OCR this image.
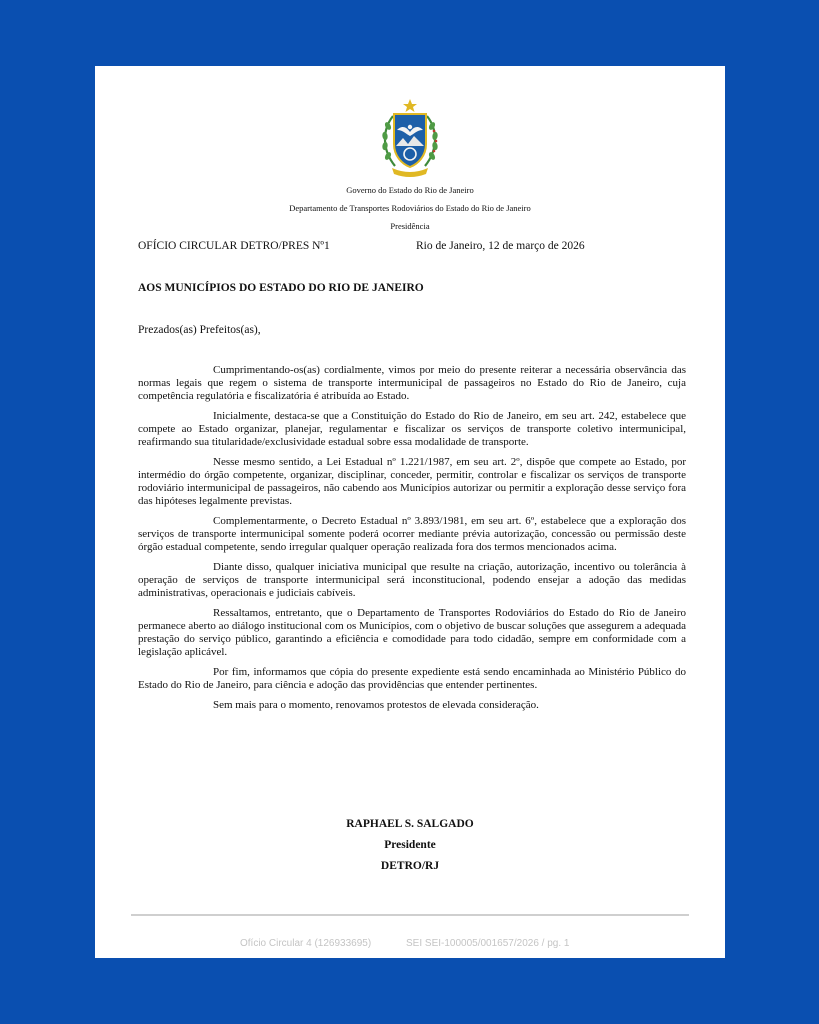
Governo do Estado do Rio de Janeiro
Departamento de Transportes Rodoviários do Estado do Rio de Janeiro
Presidência
OFÍCIO CIRCULAR DETRO/PRES Nº1	Rio de Janeiro, 12 de março de 2026
AOS MUNICÍPIOS DO ESTADO DO RIO DE JANEIRO
Prezados(as) Prefeitos(as),

Cumprimentando-os(as) cordialmente, vimos por meio do presente reiterar a necessária observância das normas legais que regem o sistema de transporte intermunicipal de passageiros no Estado do Rio de Janeiro, cuja competência regulatória e fiscalizatória é atribuída ao Estado.

Inicialmente, destaca-se que a Constituição do Estado do Rio de Janeiro, em seu art. 242, estabelece que compete ao Estado organizar, planejar, regulamentar e fiscalizar os serviços de transporte coletivo intermunicipal, reafirmando sua titularidade/exclusividade estadual sobre essa modalidade de transporte.

Nesse mesmo sentido, a Lei Estadual nº 1.221/1987, em seu art. 2º, dispõe que compete ao Estado, por intermédio do órgão competente, organizar, disciplinar, conceder, permitir, controlar e fiscalizar os serviços de transporte rodoviário intermunicipal de passageiros, não cabendo aos Municípios autorizar ou permitir a exploração desse serviço fora das hipóteses legalmente previstas.

Complementarmente, o Decreto Estadual nº 3.893/1981, em seu art. 6º, estabelece que a exploração dos serviços de transporte intermunicipal somente poderá ocorrer mediante prévia autorização, concessão ou permissão deste órgão estadual competente, sendo irregular qualquer operação realizada fora dos termos mencionados acima.

Diante disso, qualquer iniciativa municipal que resulte na criação, autorização, incentivo ou tolerância à operação de serviços de transporte intermunicipal será inconstitucional, podendo ensejar a adoção das medidas administrativas, operacionais e judiciais cabíveis.

Ressaltamos, entretanto, que o Departamento de Transportes Rodoviários do Estado do Rio de Janeiro permanece aberto ao diálogo institucional com os Municípios, com o objetivo de buscar soluções que assegurem a adequada prestação do serviço público, garantindo a eficiência e comodidade para todo cidadão, sempre em conformidade com a legislação aplicável.

Por fim, informamos que cópia do presente expediente está sendo encaminhada ao Ministério Público do Estado do Rio de Janeiro, para ciência e adoção das providências que entender pertinentes.

Sem mais para o momento, renovamos protestos de elevada consideração.

RAPHAEL S. SALGADO
Presidente
DETRO/RJ
Ofício Circular 4 (126933695)	SEI SEI-100005/001657/2026 / pg. 1
